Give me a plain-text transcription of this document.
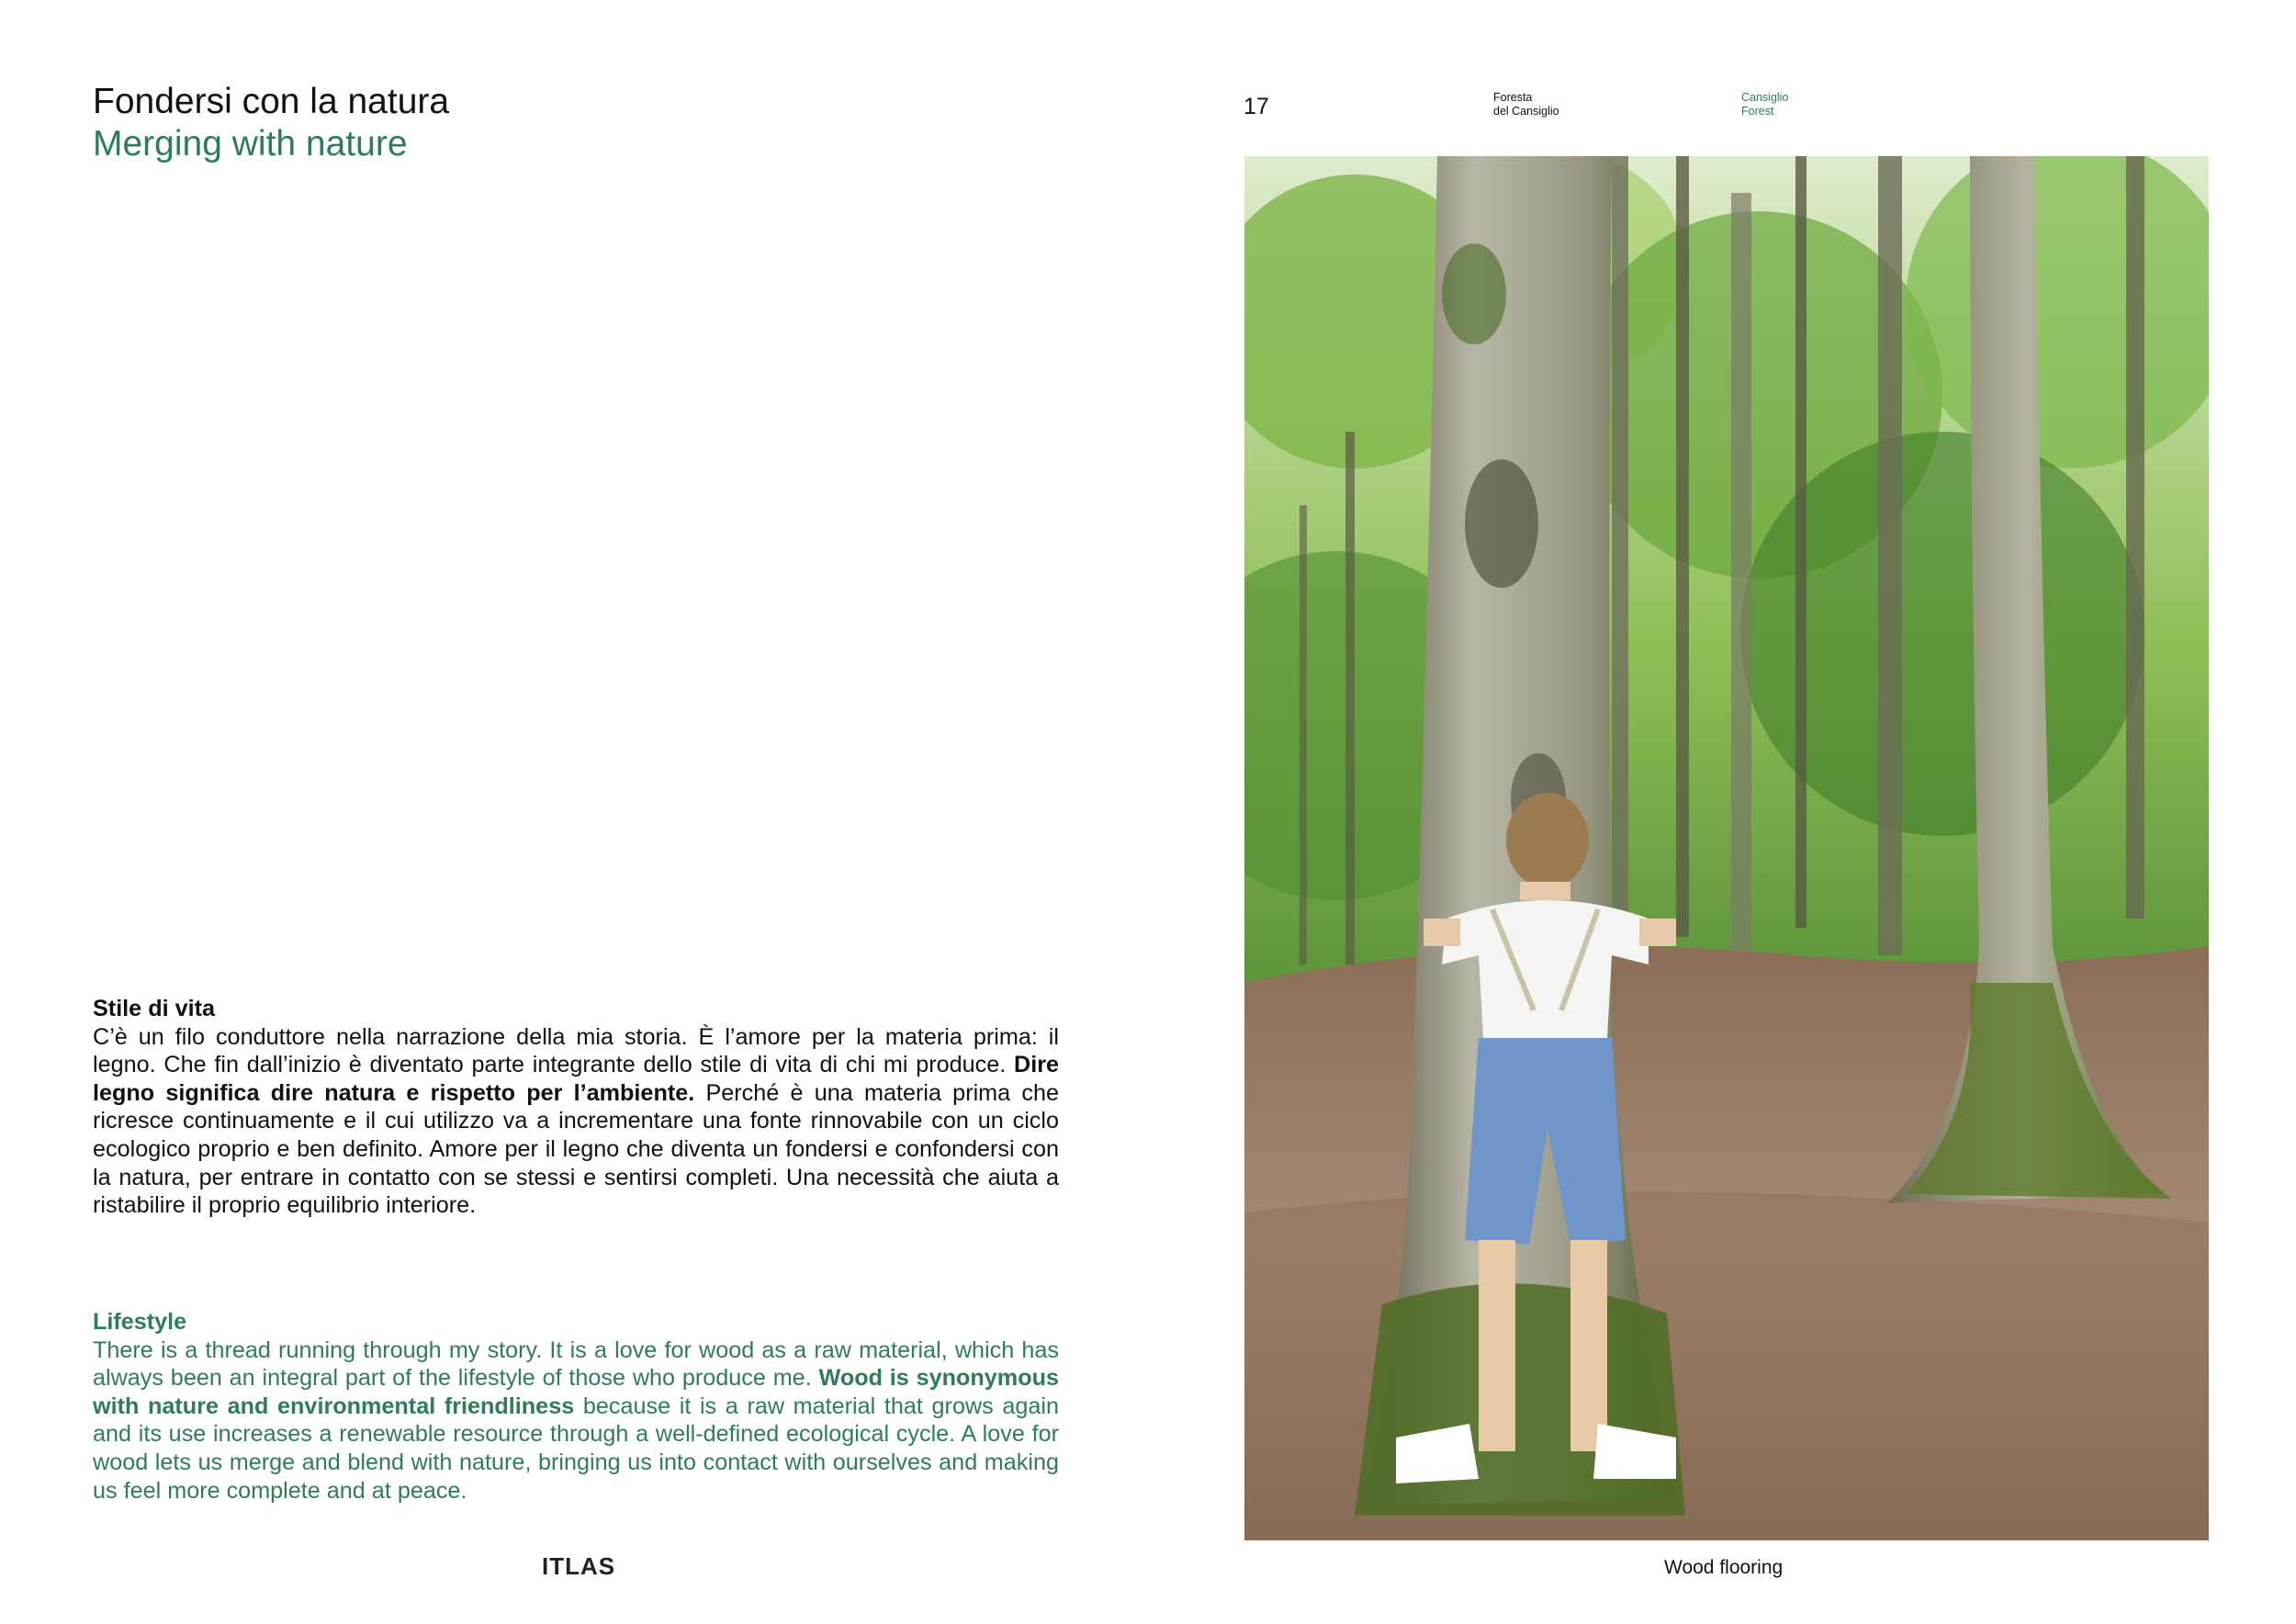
Fondersi con la natura
Merging with nature
Stile di vita
C’è un filo conduttore nella narrazione della mia storia. È l’amore per la materia prima: il legno. Che fin dall’inizio è diventato parte integrante dello stile di vita di chi mi produce. Dire legno significa dire natura e rispetto per l’ambiente. Perché è una materia prima che ricresce continuamente e il cui utilizzo va a incrementare una fonte rinnovabile con un ciclo ecologico proprio e ben definito. Amore per il legno che diventa un fondersi e confondersi con la natura, per entrare in contatto con se stessi e sentirsi completi. Una necessità che aiuta a ristabilire il proprio equilibrio interiore.
Lifestyle
There is a thread running through my story. It is a love for wood as a raw material, which has always been an integral part of the lifestyle of those who produce me. Wood is synonymous with nature and environmental friendliness because it is a raw material that grows again and its use increases a renewable resource through a well-defined ecological cycle. A love for wood lets us merge and blend with nature, bringing us into contact with ourselves and making us feel more complete and at peace.
ITLAS
17	Foresta
del Cansiglio
Cansiglio
Forest
Wood flooring
